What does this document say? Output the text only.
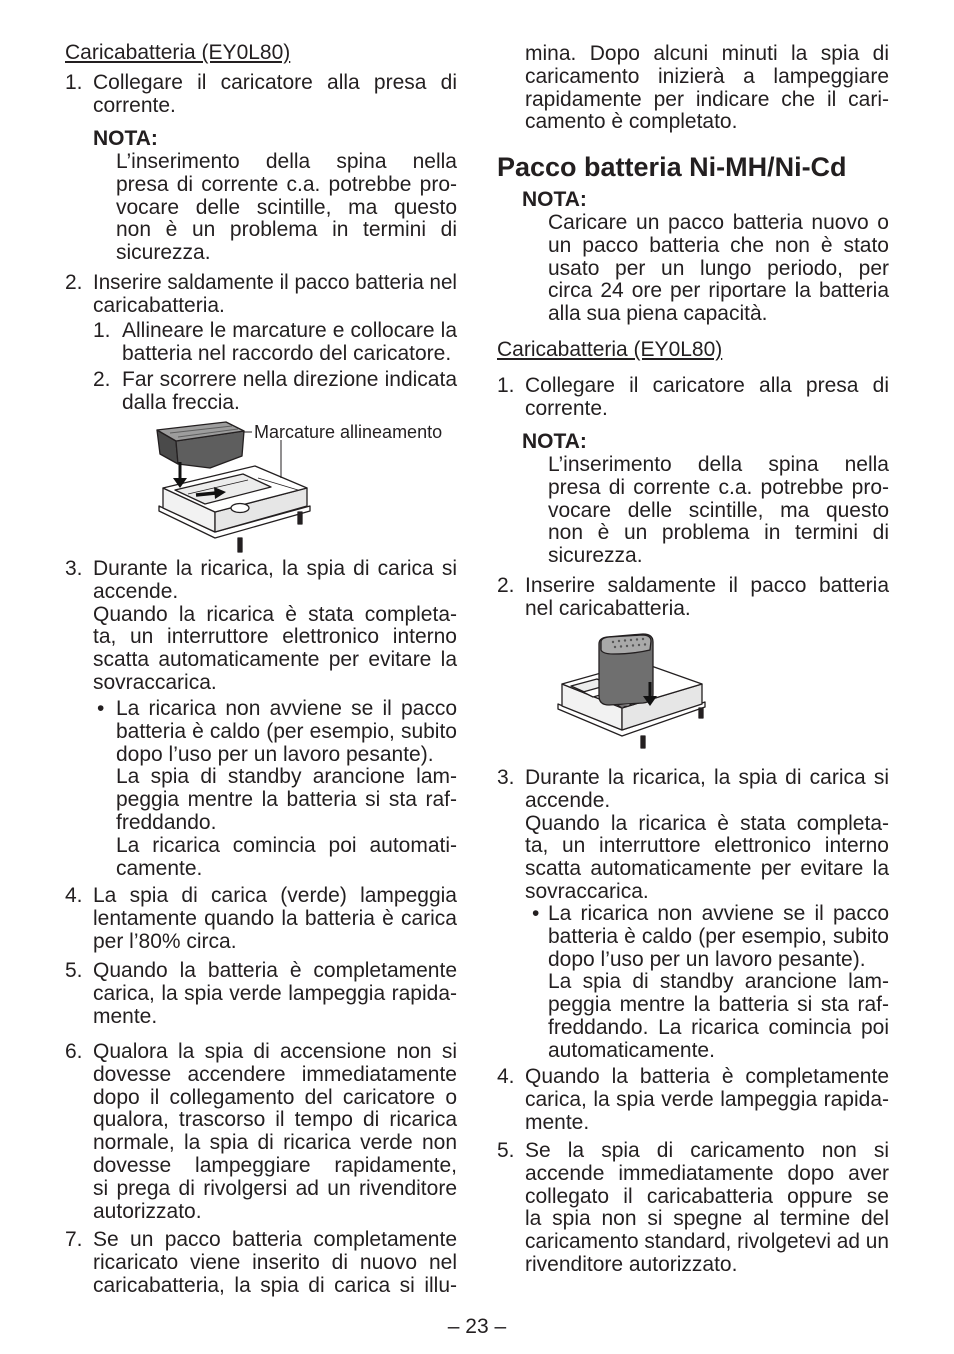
Caricabatteria (EY0L80)
1. Collegare il caricatore alla presa di
corrente.
NOTA:
L’inserimento della spina nella
presa di corrente c.a. potrebbe pro-
vocare delle scintille, ma questo
non è un problema in termini di
sicurezza.
2. Inserire saldamente il pacco batteria nel
caricabatteria.
1. Allineare le marcature e collocare la
batteria nel raccordo del caricatore.
2. Far scorrere nella direzione indicata
dalla freccia.
Marcature allineamento
3. Durante la ricarica, la spia di carica si
accende.
Quando la ricarica è stata completa-
ta, un interruttore elettronico interno
scatta automaticamente per evitare la
sovraccarica.
• La ricarica non avviene se il pacco
batteria è caldo (per esempio, subito
dopo l’uso per un lavoro pesante).
La spia di standby arancione lam-
peggia mentre la batteria si sta raf-
freddando.
La ricarica comincia poi automati-
camente.
4. La spia di carica (verde) lampeggia
lentamente quando la batteria è carica
per l’80% circa.
5. Quando la batteria è completamente
carica, la spia verde lampeggia rapida-
mente.
6. Qualora la spia di accensione non si
dovesse accendere immediatamente
dopo il collegamento del caricatore o
qualora, trascorso il tempo di ricarica
normale, la spia di ricarica verde non
dovesse lampeggiare rapidamente,
si prega di rivolgersi ad un rivenditore
autorizzato.
7. Se un pacco batteria completamente
ricaricato viene inserito di nuovo nel
caricabatteria, la spia di carica si illu-
mina. Dopo alcuni minuti la spia di
caricamento inizierà a lampeggiare
rapidamente per indicare che il cari-
camento è completato.
Pacco batteria Ni-MH/Ni-Cd
NOTA:
Caricare un pacco batteria nuovo o
un pacco batteria che non è stato
usato per un lungo periodo, per
circa 24 ore per riportare la batteria
alla sua piena capacità.
Caricabatteria (EY0L80)
1. Collegare il caricatore alla presa di
corrente.
NOTA:
L’inserimento della spina nella
presa di corrente c.a. potrebbe pro-
vocare delle scintille, ma questo
non è un problema in termini di
sicurezza.
2. Inserire saldamente il pacco batteria
nel caricabatteria.
3. Durante la ricarica, la spia di carica si
accende.
Quando la ricarica è stata completa-
ta, un interruttore elettronico interno
scatta automaticamente per evitare la
sovraccarica.
• La ricarica non avviene se il pacco
batteria è caldo (per esempio, subito
dopo l’uso per un lavoro pesante).
La spia di standby arancione lam-
peggia mentre la batteria si sta raf-
freddando. La ricarica comincia poi
automaticamente.
4. Quando la batteria è completamente
carica, la spia verde lampeggia rapida-
mente.
5. Se la spia di caricamento non si
accende immediatamente dopo aver
collegato il caricabatteria oppure se
la spia non si spegne al termine del
caricamento standard, rivolgetevi ad un
rivenditore autorizzato.
– 23 –
